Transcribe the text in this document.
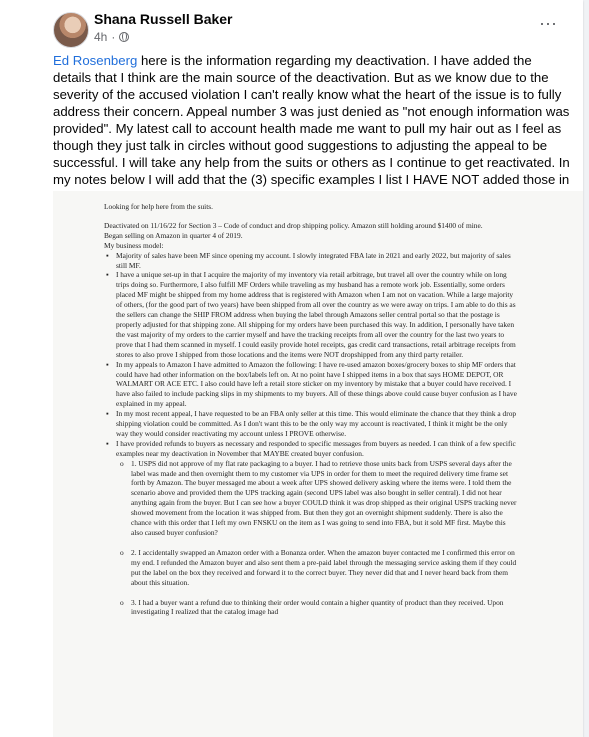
Shana Russell Baker
4h ·
⋯
Ed Rosenberg here is the information regarding my deactivation. I have added the details that I think are the main source of the deactivation. But as we know due to the severity of the accused violation I can't really know what the heart of the issue is to fully address their concern. Appeal number 3 was just denied as "not enough information was provided". My latest call to account health made me want to pull my hair out as I feel as though they just talk in circles without good suggestions to adjusting the appeal to be successful. I will take any help from the suits or others as I continue to get reactivated. In my notes below I will add that the (3) specific examples I list I HAVE NOT added those in

Looking for help here from the suits.

Deactivated on 11/16/22 for Section 3 – Code of conduct and drop shipping policy. Amazon still holding around $1400 of mine.

Began selling on Amazon in quarter 4 of 2019.

My business model:

▪ Majority of sales have been MF since opening my account. I slowly integrated FBA late in 2021 and early 2022, but majority of sales still MF.
▪ I have a unique set-up in that I acquire the majority of my inventory via retail arbitrage, but travel all over the country while on long trips doing so. Furthermore, I also fulfill MF Orders while traveling as my husband has a remote work job. Essentially, some orders placed MF might be shipped from my home address that is registered with Amazon when I am not on vacation. While a large majority of others, (for the good part of two years) have been shipped from all over the country as we were away on trips. I am able to do this as the sellers can change the SHIP FROM address when buying the label through Amazons seller central portal so that the postage is properly adjusted for that shipping zone. All shipping for my orders have been purchased this way. In addition, I personally have taken the vast majority of my orders to the carrier myself and have the tracking receipts from all over the country for the last two years to prove that I had them scanned in myself. I could easily provide hotel receipts, gas credit card transactions, retail arbitrage receipts from stores to also prove I shipped from those locations and the items were NOT dropshipped from any third party retailer.
▪ In my appeals to Amazon I have admitted to Amazon the following: I have re-used amazon boxes/grocery boxes to ship MF orders that could have had other information on the box/labels left on. At no point have I shipped items in a box that says HOME DEPOT, OR WALMART OR ACE ETC. I also could have left a retail store sticker on my inventory by mistake that a buyer could have received. I have also failed to include packing slips in my shipments to my buyers. All of these things above could cause buyer confusion as I have explained in my appeal.
▪ In my most recent appeal, I have requested to be an FBA only seller at this time. This would eliminate the chance that they think a drop shipping violation could be committed. As I don't want this to be the only way my account is reactivated, I think it might be the only way they would consider reactivating my account unless I PROVE otherwise.
▪ I have provided refunds to buyers as necessary and responded to specific messages from buyers as needed. I can think of a few specific examples near my deactivation in November that MAYBE created buyer confusion.
o 1. USPS did not approve of my flat rate packaging to a buyer. I had to retrieve those units back from USPS several days after the label was made and then overnight them to my customer via UPS in order for them to meet the required delivery time frame set forth by Amazon. The buyer messaged me about a week after UPS showed delivery asking where the items were. I told them the scenario above and provided them the UPS tracking again (second UPS label was also bought in seller central). I did not hear anything again from the buyer. But I can see how a buyer COULD think it was drop shipped as their original USPS tracking never showed movement from the location it was shipped from. But then they got an overnight shipment suddenly. There is also the chance with this order that I left my own FNSKU on the item as I was going to send into FBA, but it sold MF first. Maybe this also caused buyer confusion?
o 2. I accidentally swapped an Amazon order with a Bonanza order. When the amazon buyer contacted me I confirmed this error on my end. I refunded the Amazon buyer and also sent them a pre-paid label through the messaging service asking them if they could put the label on the box they received and forward it to the correct buyer. They never did that and I never heard back from them about this situation.
o 3. I had a buyer want a refund due to thinking their order would contain a higher quantity of product than they received. Upon investigating I realized that the catalog image had
